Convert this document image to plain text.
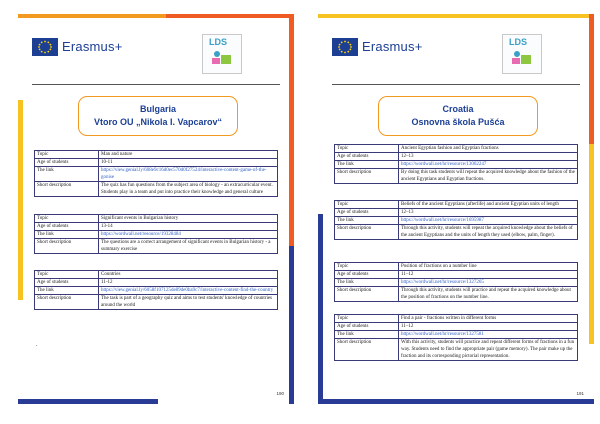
Erasmus+	LDS
Bulgaria
Vtoro OU „Nikola I. Vapcarov“
Topic	Man and nature
Age of students	10-11
The link	https://view.genial.ly/608e9c16d0ec570d0f27524/interactive-content-game-of-the-gonise
Short description	The quiz has fun questions from the subject area of biology - an extracurricular event. Students play in a team and put into practice their knowledge and general culture
Topic	Significant events in Bulgarian history
Age of students	13-14
The link	https://wordwall.net/resource/19328484
Short description	The questions are a correct arrangement of significant events in Bulgarian history - a summary exercise
Topic	Countries
Age of students	11-12
The link	https://view.genial.ly/6058f107125de89de0ba9c7/interactive-content-find-the-country
Short description	The task is part of a geography quiz and aims to test students' knowledge of countries around the world
.
190
Erasmus+	LDS
Croatia
Osnovna škola Pušća
Topic	Ancient Egyptian fashion and Egyptian fractions
Age of students	12–13
The link	https://wordwall.net/hr/resource/13002247
Short description	By doing this task students will repeat the acquired knowledge about the fashion of the ancient Egyptians and Egyptian fractions.
Topic	Beliefs of the ancient Egyptians (afterlife) and ancient Egyptian units of length
Age of students	12–13
The link	https://wordwall.net/hr/resource/1695987
Short description	Through this activity, students will repeat the acquired knowledge about the beliefs of the ancient Egyptians and the units of length they used (elbow, palm, finger).
Topic	Position of fractions on a number line
Age of students	11–12
The link	https://wordwall.net/hr/resource/1327265
Short description	Through this activity, students will practice and repeat the acquired knowledge about the position of fractions on the number line.
Topic	Find a pair - fractions written in different forms
Age of students	11–12
The link	https://wordwall.net/hr/resource/1327581
Short description	With this activity, students will practice and repeat different forms of fractions in a fun way. Students need to find the appropriate pair (game memory). The pair make up the fraction and its corresponding pictorial representation.
191
